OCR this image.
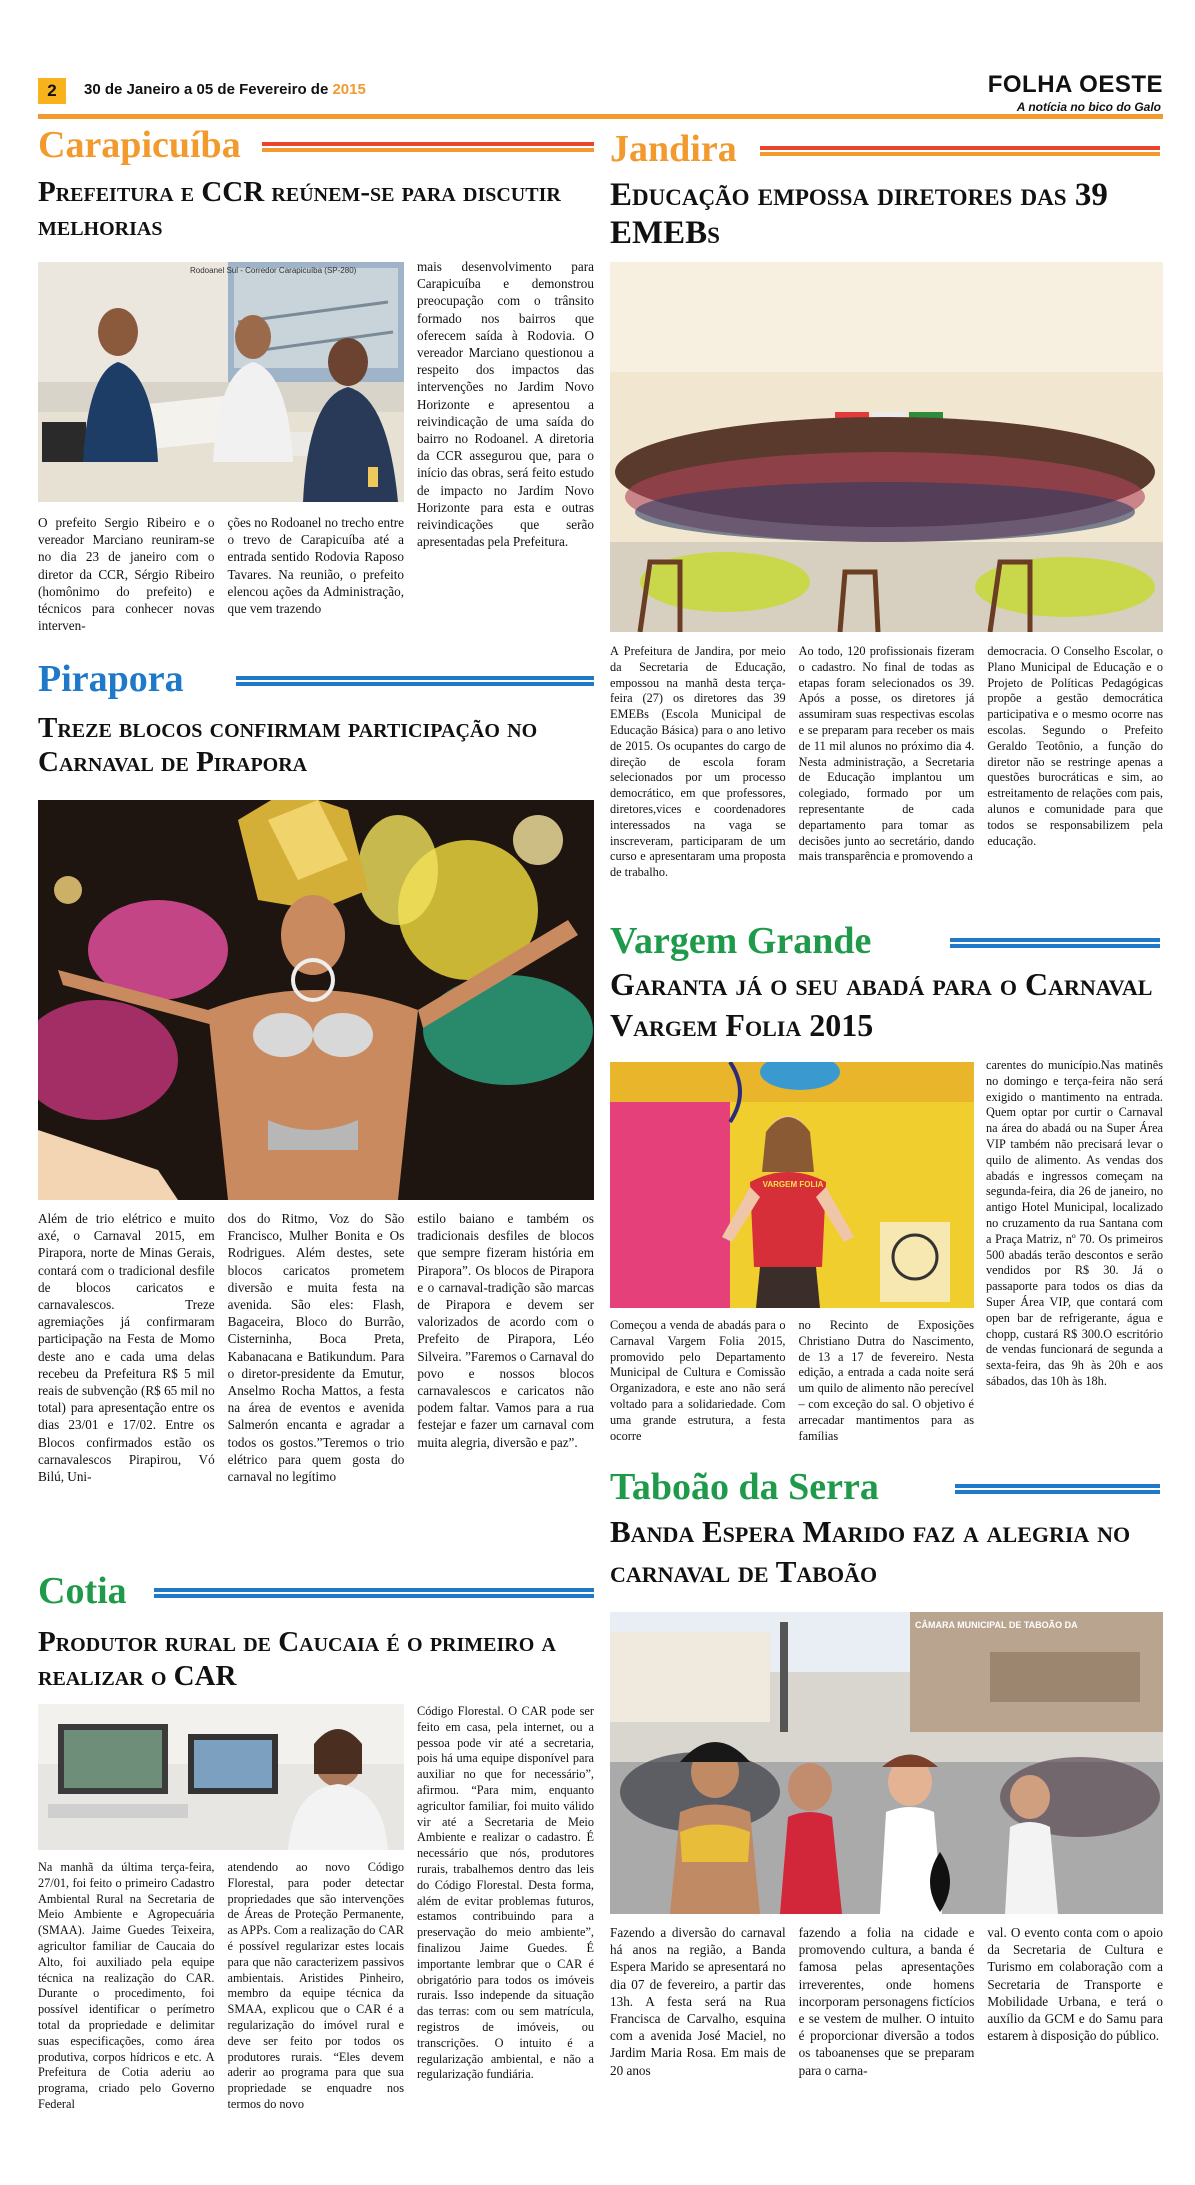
2	30 de Janeiro a 05 de Fevereiro de 2015	FOLHA OESTE
A notícia no bico do Galo
Carapicuíba
Prefeitura e CCR reúnem-se para discutir melhorias
Rodoanel Sul - Corredor Carapicuíba (SP-280)
O prefeito Sergio Ribeiro e o vereador Marciano reuniram-se no dia 23 de janeiro com o diretor da CCR, Sérgio Ribeiro (homônimo do prefeito) e técnicos para conhecer novas interven-
ções no Rodoanel no trecho entre o trevo de Carapicuíba até a entrada sentido Rodovia Raposo Tavares. Na reunião, o prefeito elencou ações da Administração, que vem trazendo
mais desenvolvimento para Carapicuíba e demonstrou preocupação com o trânsito formado nos bairros que oferecem saída à Rodovia. O vereador Marciano questionou a respeito dos impactos das intervenções no Jardim Novo Horizonte e apresentou a reivindicação de uma saída do bairro no Rodoanel. A diretoria da CCR assegurou que, para o início das obras, será feito estudo de impacto no Jardim Novo Horizonte para esta e outras reivindicações que serão apresentadas pela Prefeitura.
Pirapora
Treze blocos confirmam participação no Carnaval de Pirapora
Além de trio elétrico e muito axé, o Carnaval 2015, em Pirapora, norte de Minas Gerais, contará com o tradicional desfile de blocos caricatos e carnavalescos. Treze agremiações já confirmaram participação na Festa de Momo deste ano e cada uma delas recebeu da Prefeitura R$ 5 mil reais de subvenção (R$ 65 mil no total) para apresentação entre os dias 23/01 e 17/02. Entre os Blocos confirmados estão os carnavalescos Pirapirou, Vó Bilú, Uni-
dos do Ritmo, Voz do São Francisco, Mulher Bonita e Os Rodrigues. Além destes, sete blocos caricatos prometem diversão e muita festa na avenida. São eles: Flash, Bagaceira, Bloco do Burrão, Cisterninha, Boca Preta, Kabanacana e Batikundum. Para o diretor-presidente da Emutur, Anselmo Rocha Mattos, a festa na área de eventos e avenida Salmerón encanta e agradar a todos os gostos.”Teremos o trio elétrico para quem gosta do carnaval no legítimo
estilo baiano e também os tradicionais desfiles de blocos que sempre fizeram história em Pirapora”. Os blocos de Pirapora e o carnaval-tradição são marcas de Pirapora e devem ser valorizados de acordo com o Prefeito de Pirapora, Léo Silveira. ”Faremos o Carnaval do povo e nossos blocos carnavalescos e caricatos não podem faltar. Vamos para a rua festejar e fazer um carnaval com muita alegria, diversão e paz”.
Cotia
Produtor rural de Caucaia é o primeiro a realizar o CAR
Na manhã da última terça-feira, 27/01, foi feito o primeiro Cadastro Ambiental Rural na Secretaria de Meio Ambiente e Agropecuária (SMAA). Jaime Guedes Teixeira, agricultor familiar de Caucaia do Alto, foi auxiliado pela equipe técnica na realização do CAR. Durante o procedimento, foi possível identificar o perímetro total da propriedade e delimitar suas especificações, como área produtiva, corpos hídricos e etc. A Prefeitura de Cotia aderiu ao programa, criado pelo Governo Federal
atendendo ao novo Código Florestal, para poder detectar propriedades que são intervenções de Áreas de Proteção Permanente, as APPs. Com a realização do CAR é possível regularizar estes locais para que não caracterizem passivos ambientais. Aristides Pinheiro, membro da equipe técnica da SMAA, explicou que o CAR é a regularização do imóvel rural e deve ser feito por todos os produtores rurais. “Eles devem aderir ao programa para que sua propriedade se enquadre nos termos do novo
Código Florestal. O CAR pode ser feito em casa, pela internet, ou a pessoa pode vir até a secretaria, pois há uma equipe disponível para auxiliar no que for necessário”, afirmou. “Para mim, enquanto agricultor familiar, foi muito válido vir até a Secretaria de Meio Ambiente e realizar o cadastro. É necessário que nós, produtores rurais, trabalhemos dentro das leis do Código Florestal. Desta forma, além de evitar problemas futuros, estamos contribuindo para a preservação do meio ambiente”, finalizou Jaime Guedes. É importante lembrar que o CAR é obrigatório para todos os imóveis rurais. Isso independe da situação das terras: com ou sem matrícula, registros de imóveis, ou transcrições. O intuito é a regularização ambiental, e não a regularização fundiária.
Jandira
Educação empossa diretores das 39 EMEBs
A Prefeitura de Jandira, por meio da Secretaria de Educação, empossou na manhã desta terça-feira (27) os diretores das 39 EMEBs (Escola Municipal de Educação Básica) para o ano letivo de 2015. Os ocupantes do cargo de direção de escola foram selecionados por um processo democrático, em que professores, diretores,vices e coordenadores interessados na vaga se inscreveram, participaram de um curso e apresentaram uma proposta de trabalho.
Ao todo, 120 profissionais fizeram o cadastro. No final de todas as etapas foram selecionados os 39. Após a posse, os diretores já assumiram suas respectivas escolas e se preparam para receber os mais de 11 mil alunos no próximo dia 4. Nesta administração, a Secretaria de Educação implantou um colegiado, formado por um representante de cada departamento para tomar as decisões junto ao secretário, dando mais transparência e promovendo a
democracia. O Conselho Escolar, o Plano Municipal de Educação e o Projeto de Políticas Pedagógicas propõe a gestão democrática participativa e o mesmo ocorre nas escolas. Segundo o Prefeito Geraldo Teotônio, a função do diretor não se restringe apenas a questões burocráticas e sim, ao estreitamento de relações com pais, alunos e comunidade para que todos se responsabilizem pela educação.
Vargem Grande
Garanta já o seu abadá para o Carnaval Vargem Folia 2015
VARGEM FOLIA
carentes do município.Nas matinês no domingo e terça-feira não será exigido o mantimento na entrada. Quem optar por curtir o Carnaval na área do abadá ou na Super Área VIP também não precisará levar o quilo de alimento. As vendas dos abadás e ingressos começam na segunda-feira, dia 26 de janeiro, no antigo Hotel Municipal, localizado no cruzamento da rua Santana com a Praça Matriz, nº 70. Os primeiros 500 abadás terão descontos e serão vendidos por R$ 30. Já o passaporte para todos os dias da Super Área VIP, que contará com open bar de refrigerante, água e chopp, custará R$ 300.O escritório de vendas funcionará de segunda a sexta-feira, das 9h às 20h e aos sábados, das 10h às 18h.
Começou a venda de abadás para o Carnaval Vargem Folia 2015, promovido pelo Departamento Municipal de Cultura e Comissão Organizadora, e este ano não será voltado para a solidariedade. Com uma grande estrutura, a festa ocorre
no Recinto de Exposições Christiano Dutra do Nascimento, de 13 a 17 de fevereiro. Nesta edição, a entrada a cada noite será um quilo de alimento não perecível – com exceção do sal. O objetivo é arrecadar mantimentos para as famílias
Taboão da Serra
Banda Espera Marido faz a alegria no carnaval de Taboão
CÂMARA MUNICIPAL DE TABOÃO DA
Fazendo a diversão do carnaval há anos na região, a Banda Espera Marido se apresentará no dia 07 de fevereiro, a partir das 13h. A festa será na Rua Francisca de Carvalho, esquina com a avenida José Maciel, no Jardim Maria Rosa. Em mais de 20 anos
fazendo a folia na cidade e promovendo cultura, a banda é famosa pelas apresentações irreverentes, onde homens incorporam personagens fictícios e se vestem de mulher. O intuito é proporcionar diversão a todos os taboanenses que se preparam para o carna-
val. O evento conta com o apoio da Secretaria de Cultura e Turismo em colaboração com a Secretaria de Transporte e Mobilidade Urbana, e terá o auxílio da GCM e do Samu para estarem à disposição do público.
